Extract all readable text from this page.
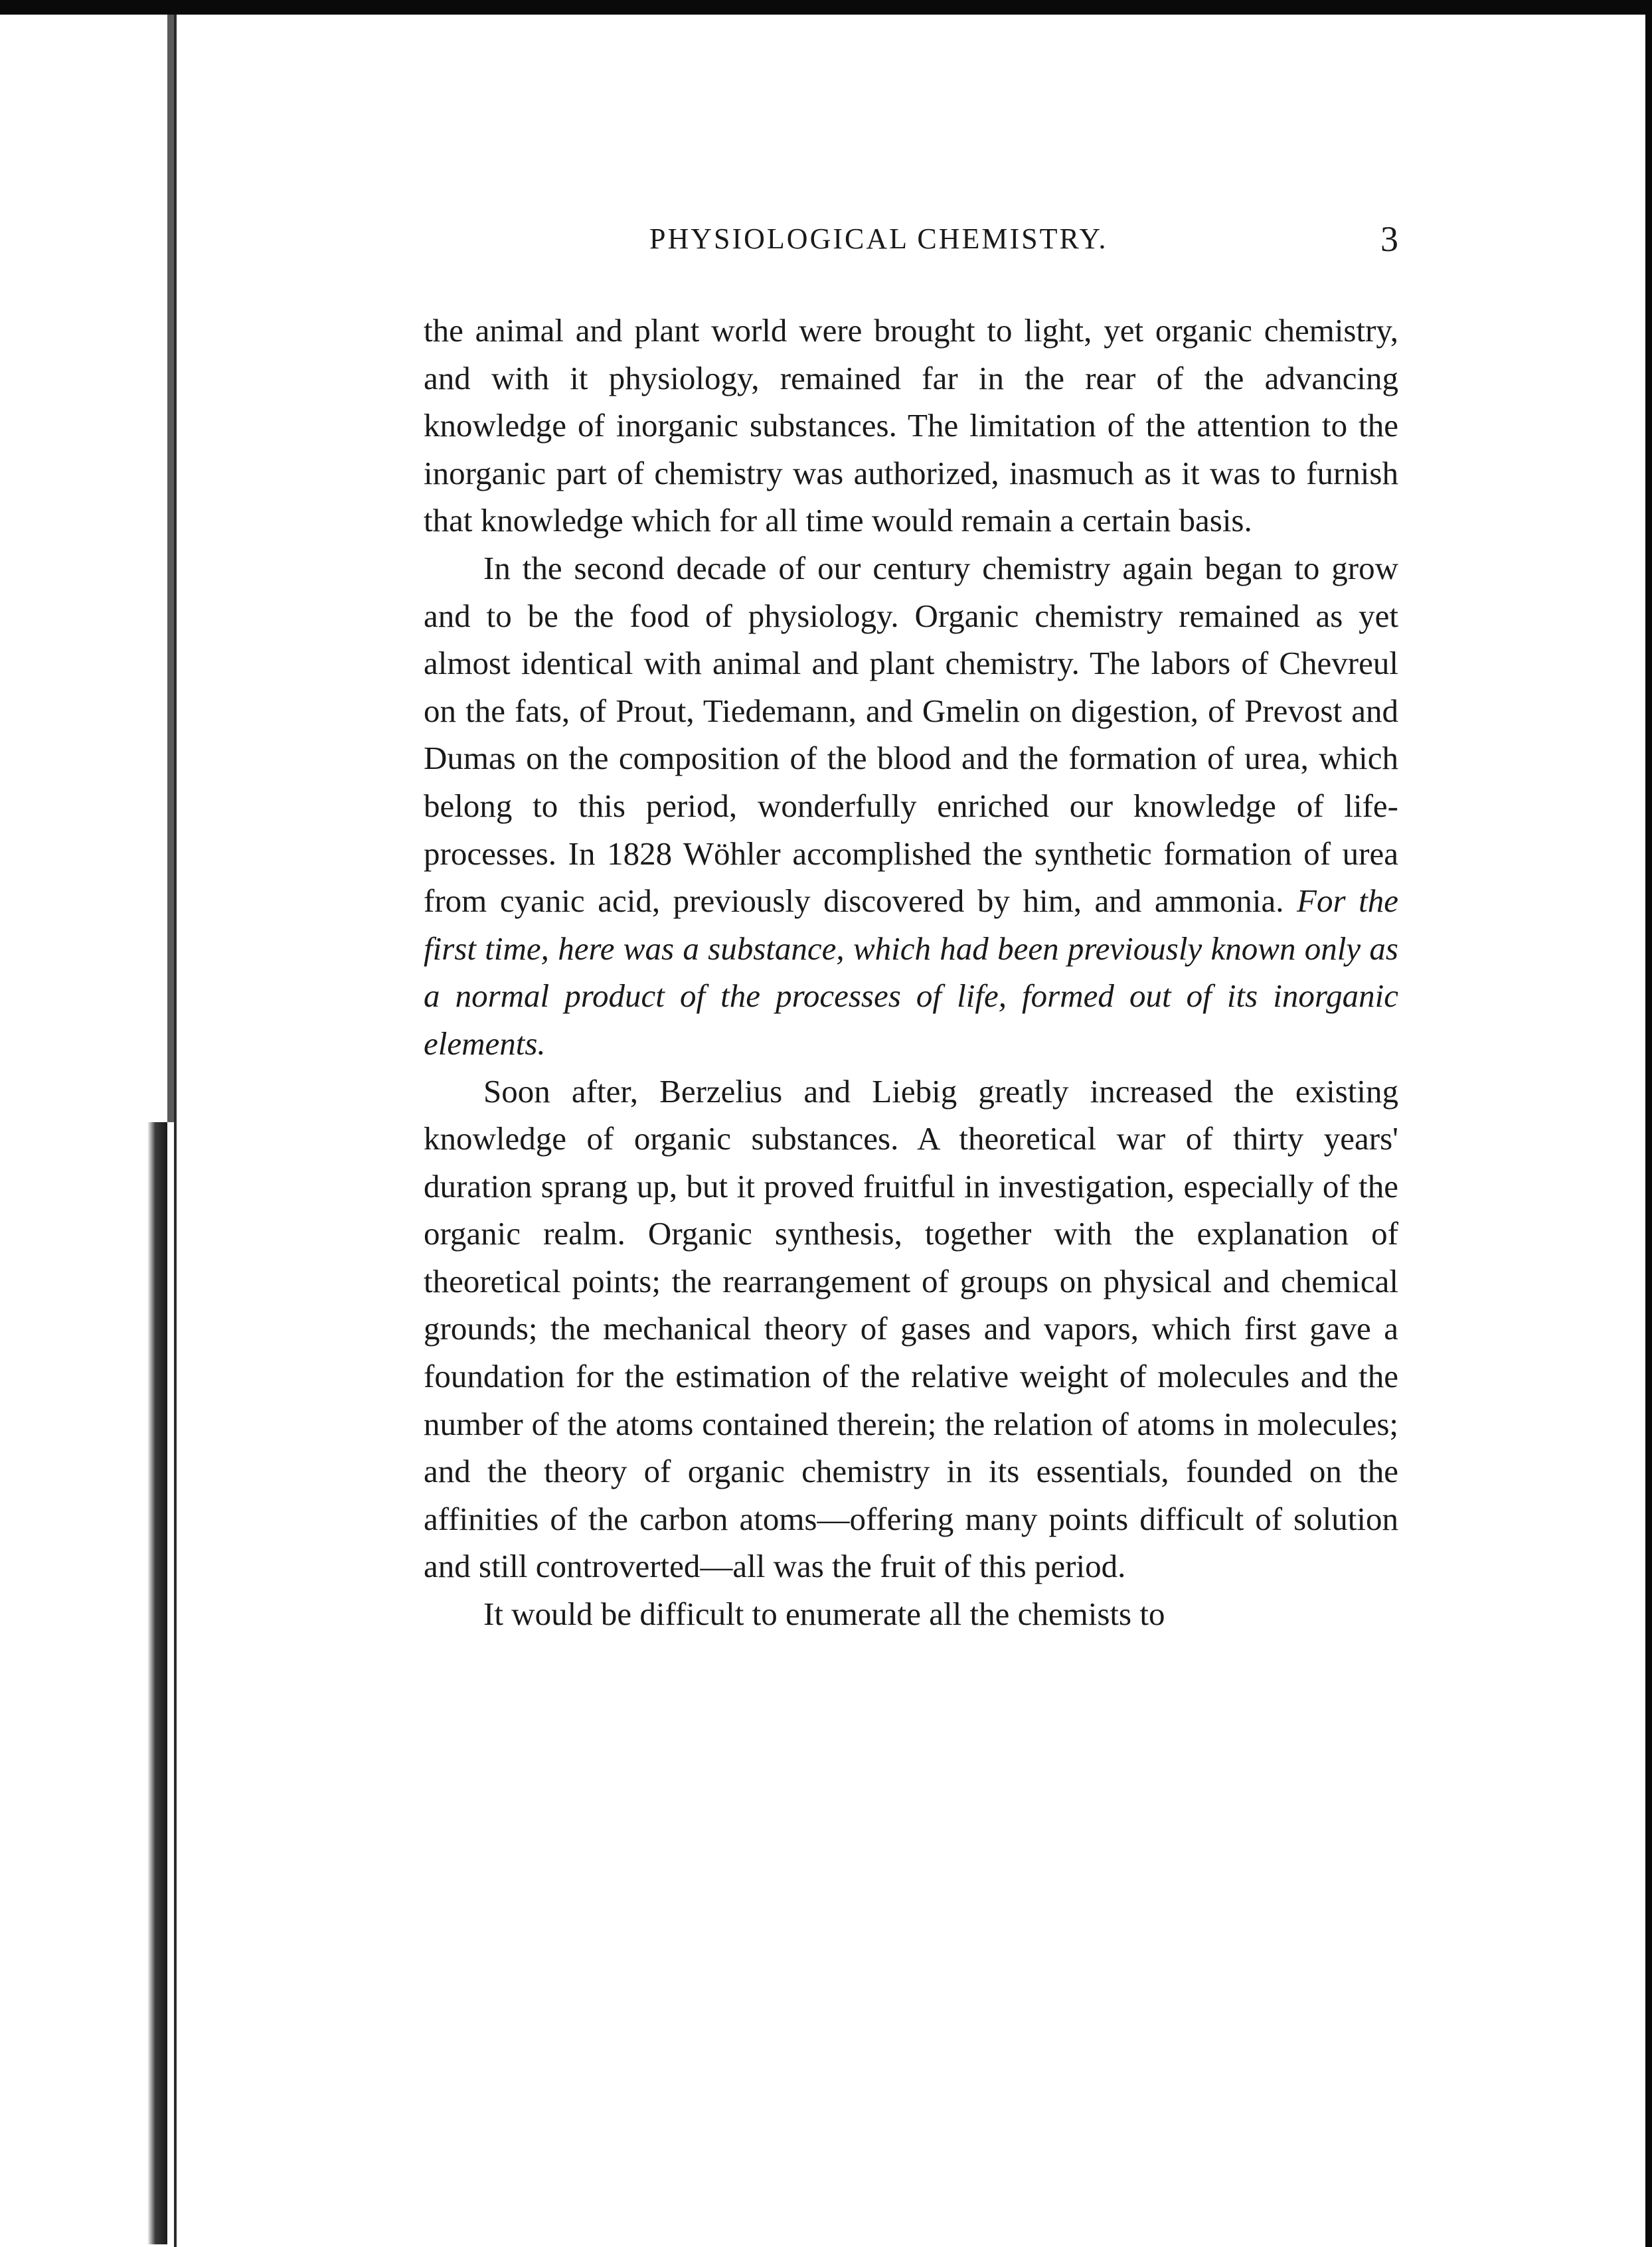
PHYSIOLOGICAL CHEMISTRY.	3

the animal and plant world were brought to light, yet organic chemistry, and with it physiology, remained far in the rear of the advancing knowledge of inorganic substances. The limitation of the attention to the inorganic part of chemistry was authorized, inasmuch as it was to furnish that knowledge which for all time would remain a certain basis.

In the second decade of our century chemistry again began to grow and to be the food of physiology. Organic chemistry remained as yet almost identical with animal and plant chemistry. The labors of Chevreul on the fats, of Prout, Tiedemann, and Gmelin on digestion, of Prevost and Dumas on the composition of the blood and the formation of urea, which belong to this period, wonderfully enriched our knowledge of life-processes. In 1828 Wöhler accomplished the synthetic formation of urea from cyanic acid, previously discovered by him, and ammonia. For the first time, here was a substance, which had been previously known only as a normal product of the processes of life, formed out of its inorganic elements.

Soon after, Berzelius and Liebig greatly increased the existing knowledge of organic substances. A theoretical war of thirty years' duration sprang up, but it proved fruitful in investigation, especially of the organic realm. Organic synthesis, together with the explanation of theoretical points; the rearrangement of groups on physical and chemical grounds; the mechanical theory of gases and vapors, which first gave a foundation for the estimation of the relative weight of molecules and the number of the atoms contained therein; the relation of atoms in molecules; and the theory of organic chemistry in its essentials, founded on the affinities of the carbon atoms—offering many points difficult of solution and still controverted—all was the fruit of this period.

It would be difficult to enumerate all the chemists to
